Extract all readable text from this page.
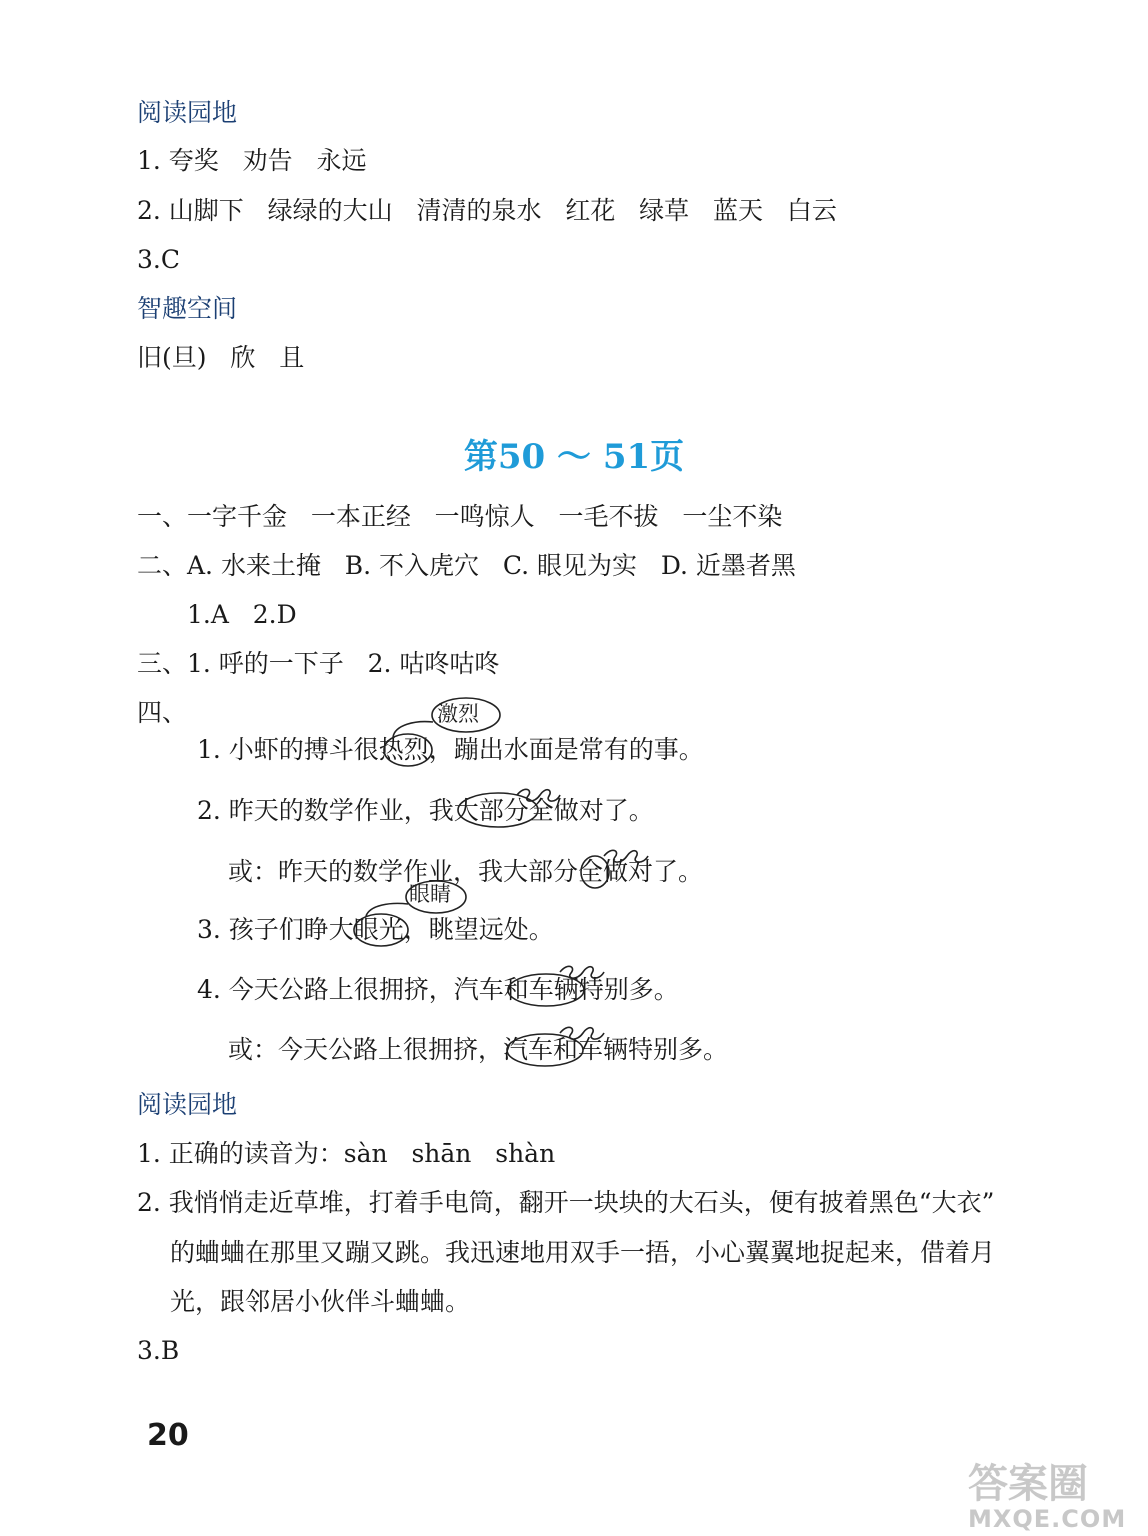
阅读园地
1. 夸奖   劝告   永远
2. 山脚下   绿绿的大山   清清的泉水   红花   绿草   蓝天   白云
3.C
智趣空间
旧(旦)   欣   且
第50 ～ 51页
一、一字千金   一本正经   一鸣惊人   一毛不拔   一尘不染
二、A. 水来土掩   B. 不入虎穴   C. 眼见为实   D. 近墨者黑
1.A   2.D
三、1. 呼的一下子   2. 咕咚咕咚
四、
1. 小虾的搏斗很热烈，蹦出水面是常有的事。
2. 昨天的数学作业，我大部分全做对了。
或：昨天的数学作业，我大部分全做对了。
3. 孩子们睁大眼光，眺望远处。
4. 今天公路上很拥挤，汽车和车辆特别多。
或：今天公路上很拥挤，汽车和车辆特别多。
激烈
眼睛
阅读园地
1. 正确的读音为：sàn   shān   shàn
2. 我悄悄走近草堆，打着手电筒，翻开一块块的大石头，便有披着黑色“大衣”
的蛐蛐在那里又蹦又跳。我迅速地用双手一捂，小心翼翼地捉起来，借着月
光，跟邻居小伙伴斗蛐蛐。
3.B
20
答案圈
MXQE.COM
